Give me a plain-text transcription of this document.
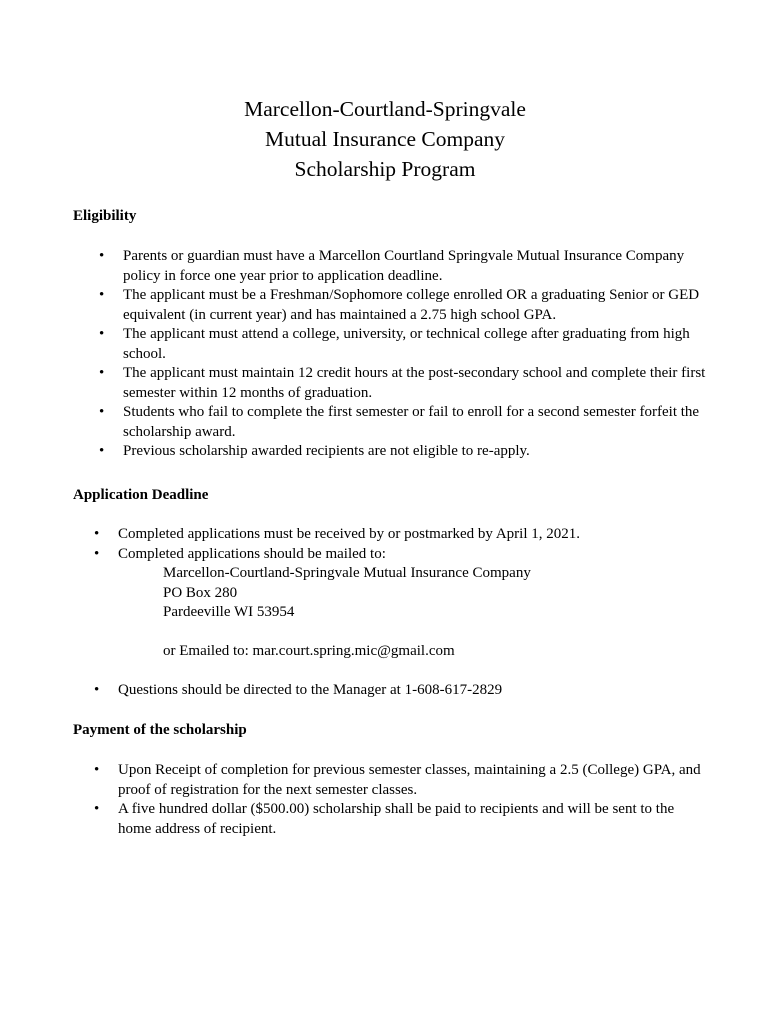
Marcellon-Courtland-Springvale
Mutual Insurance Company
Scholarship Program
Eligibility
• Parents or guardian must have a Marcellon Courtland Springvale Mutual Insurance Company policy in force one year prior to application deadline.
• The applicant must be a Freshman/Sophomore college enrolled OR a graduating Senior or GED equivalent (in current year) and has maintained a 2.75 high school GPA.
• The applicant must attend a college, university, or technical college after graduating from high school.
• The applicant must maintain 12 credit hours at the post-secondary school and complete their first semester within 12 months of graduation.
• Students who fail to complete the first semester or fail to enroll for a second semester forfeit the scholarship award.
• Previous scholarship awarded recipients are not eligible to re-apply.
Application Deadline
• Completed applications must be received by or postmarked by April 1, 2021.
• Completed applications should be mailed to:
Marcellon-Courtland-Springvale Mutual Insurance Company
PO Box 280
Pardeeville WI 53954
or Emailed to: mar.court.spring.mic@gmail.com
• Questions should be directed to the Manager at 1-608-617-2829
Payment of the scholarship
• Upon Receipt of completion for previous semester classes, maintaining a 2.5 (College) GPA, and proof of registration for the next semester classes.
• A five hundred dollar ($500.00) scholarship shall be paid to recipients and will be sent to the home address of recipient.
